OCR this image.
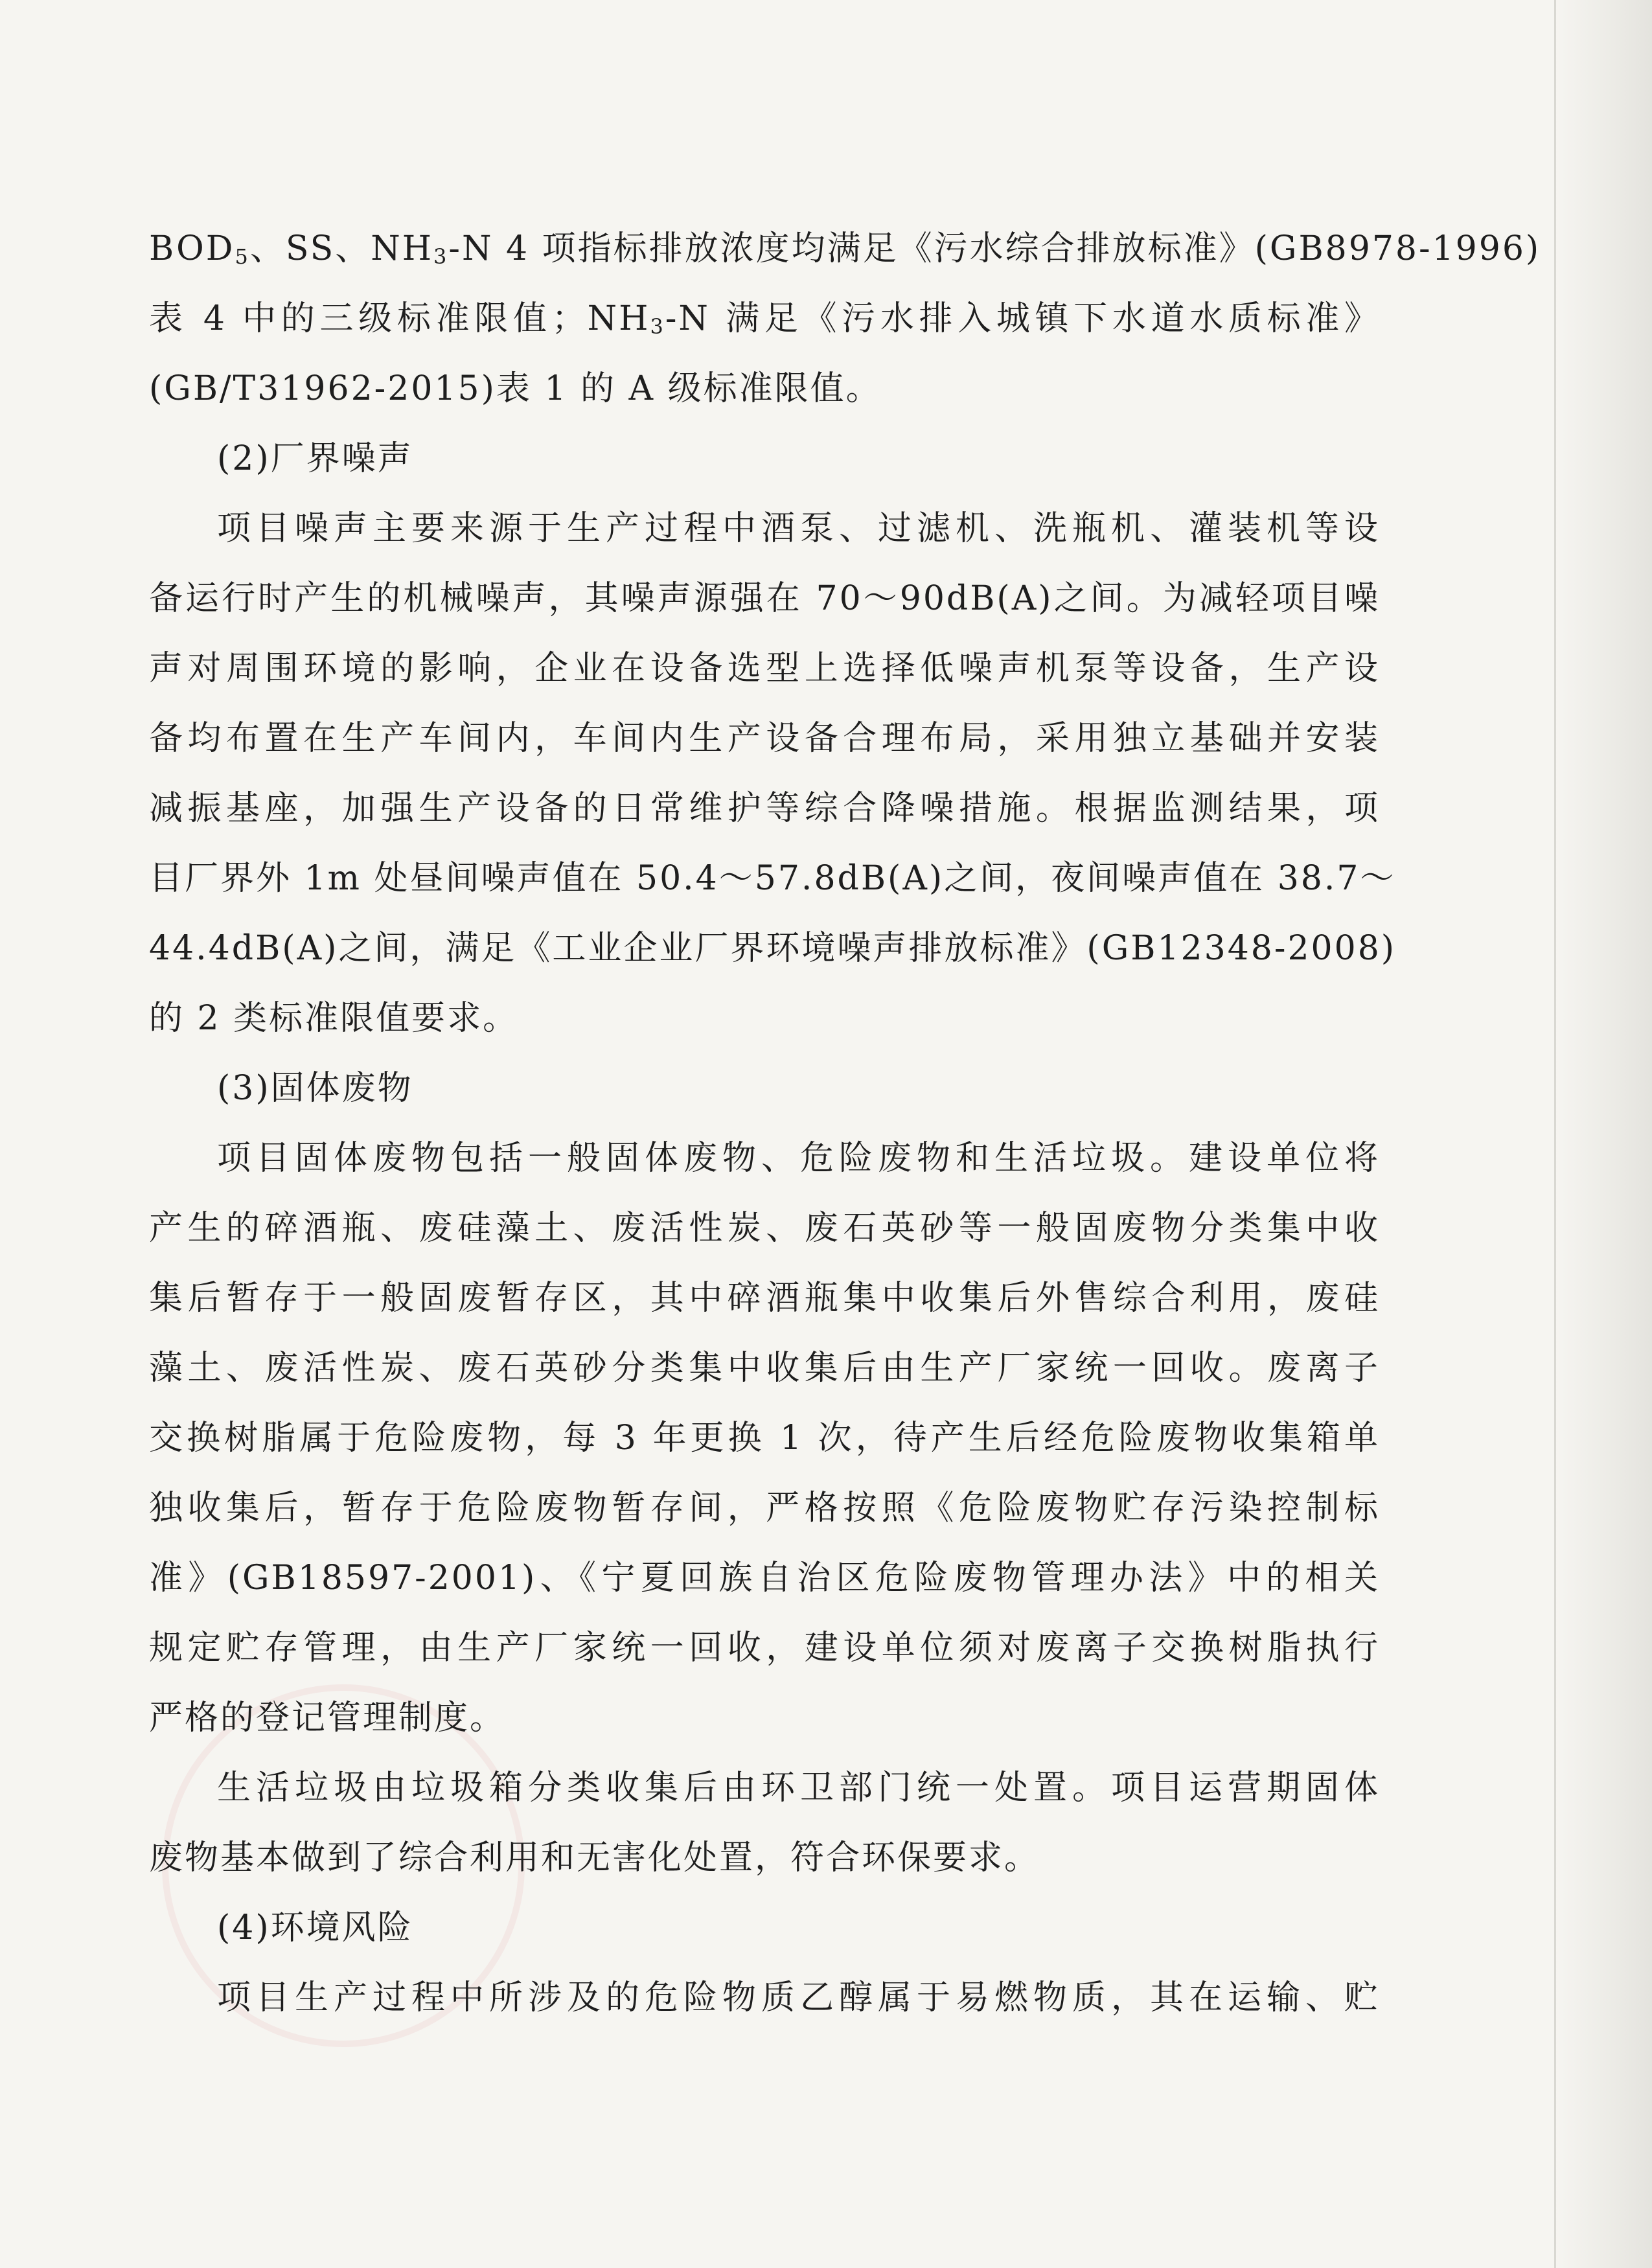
$BOD_5$、SS、$NH_3-N$ 4 项指标排放浓度均满足《污水综合排放标准》(GB8978-1996)
表 4 中的三级标准限值；$NH_3-N$ 满足《污水排入城镇下水道水质标准》
(GB/T31962-2015)表 1 的 A 级标准限值。
(2)厂界噪声
项目噪声主要来源于生产过程中酒泵、过滤机、洗瓶机、灌装机等设
备运行时产生的机械噪声，其噪声源强在 70～90dB(A)之间。为减轻项目噪
声对周围环境的影响，企业在设备选型上选择低噪声机泵等设备，生产设
备均布置在生产车间内，车间内生产设备合理布局，采用独立基础并安装
减振基座，加强生产设备的日常维护等综合降噪措施。根据监测结果，项
目厂界外 1m 处昼间噪声值在 50.4～57.8dB(A)之间，夜间噪声值在 38.7～
44.4dB(A)之间，满足《工业企业厂界环境噪声排放标准》(GB12348-2008)
的 2 类标准限值要求。
(3)固体废物
项目固体废物包括一般固体废物、危险废物和生活垃圾。建设单位将
产生的碎酒瓶、废硅藻土、废活性炭、废石英砂等一般固废物分类集中收
集后暂存于一般固废暂存区，其中碎酒瓶集中收集后外售综合利用，废硅
藻土、废活性炭、废石英砂分类集中收集后由生产厂家统一回收。废离子
交换树脂属于危险废物，每 3 年更换 1 次，待产生后经危险废物收集箱单
独收集后，暂存于危险废物暂存间，严格按照《危险废物贮存污染控制标
准》(GB18597-2001)、《宁夏回族自治区危险废物管理办法》中的相关
规定贮存管理，由生产厂家统一回收，建设单位须对废离子交换树脂执行
严格的登记管理制度。
生活垃圾由垃圾箱分类收集后由环卫部门统一处置。项目运营期固体
废物基本做到了综合利用和无害化处置，符合环保要求。
(4)环境风险
项目生产过程中所涉及的危险物质乙醇属于易燃物质，其在运输、贮
